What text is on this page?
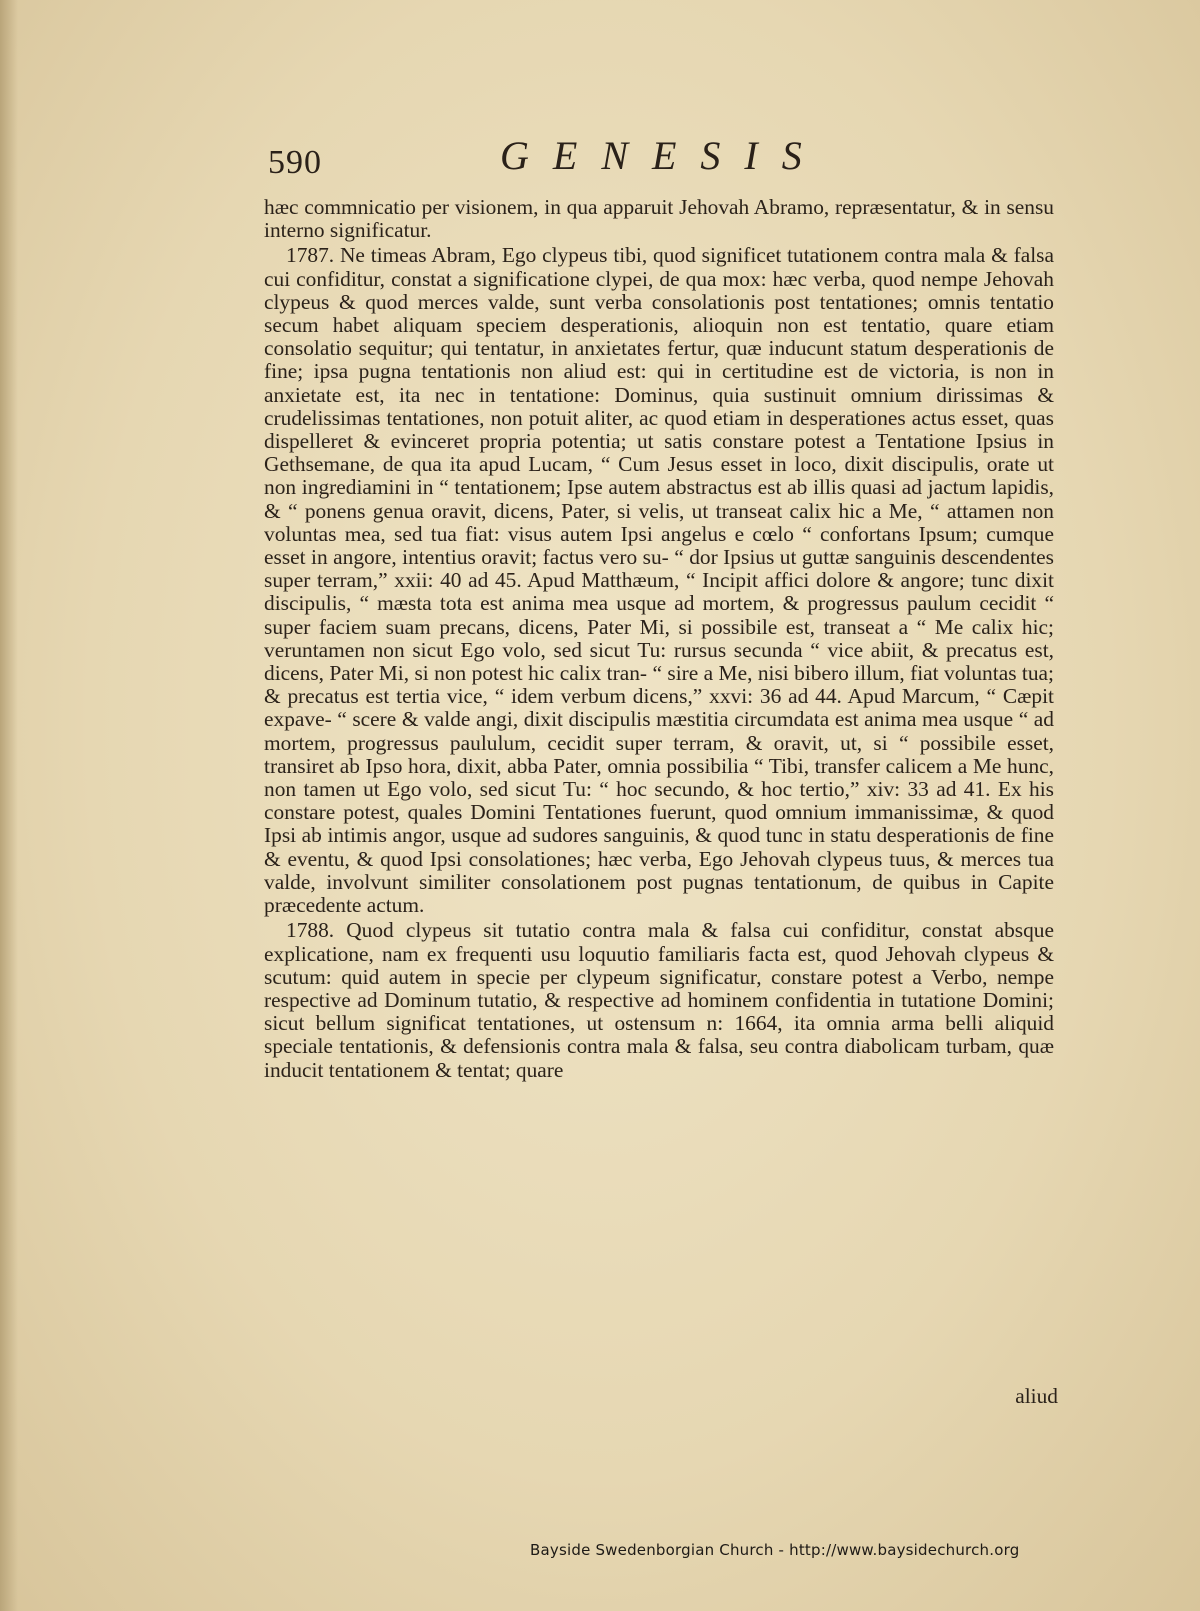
590	GENESIS

hæc commnicatio per visionem, in qua apparuit Jehovah Abramo, repræsentatur, & in sensu interno significatur.

1787. Ne timeas Abram, Ego clypeus tibi, quod significet tutationem contra mala & falsa cui confiditur, constat a significatione clypei, de qua mox: hæc verba, quod nempe Jehovah clypeus & quod merces valde, sunt verba consolationis post tentationes; omnis tentatio secum habet aliquam speciem desperationis, alioquin non est tentatio, quare etiam consolatio sequitur; qui tentatur, in anxietates fertur, quæ inducunt statum desperationis de fine; ipsa pugna tentationis non aliud est: qui in certitudine est de victoria, is non in anxietate est, ita nec in tentatione: Dominus, quia sustinuit omnium dirissimas & crudelissimas tentationes, non potuit aliter, ac quod etiam in desperationes actus esset, quas dispelleret & evinceret propria potentia; ut satis constare potest a Tentatione Ipsius in Gethsemane, de qua ita apud Lucam, “ Cum Jesus esset in loco, dixit discipulis, orate ut non ingrediamini in “ tentationem; Ipse autem abstractus est ab illis quasi ad jactum lapidis, & “ ponens genua oravit, dicens, Pater, si velis, ut transeat calix hic a Me, “ attamen non voluntas mea, sed tua fiat: visus autem Ipsi angelus e cœlo “ confortans Ipsum; cumque esset in angore, intentius oravit; factus vero su- “ dor Ipsius ut guttæ sanguinis descendentes super terram,” xxii: 40 ad 45. Apud Matthæum, “ Incipit affici dolore & angore; tunc dixit discipulis, “ mæsta tota est anima mea usque ad mortem, & progressus paulum cecidit “ super faciem suam precans, dicens, Pater Mi, si possibile est, transeat a “ Me calix hic; veruntamen non sicut Ego volo, sed sicut Tu: rursus secunda “ vice abiit, & precatus est, dicens, Pater Mi, si non potest hic calix tran- “ sire a Me, nisi bibero illum, fiat voluntas tua; & precatus est tertia vice, “ idem verbum dicens,” xxvi: 36 ad 44. Apud Marcum, “ Cæpit expave- “ scere & valde angi, dixit discipulis mæstitia circumdata est anima mea usque “ ad mortem, progressus paululum, cecidit super terram, & oravit, ut, si “ possibile esset, transiret ab Ipso hora, dixit, abba Pater, omnia possibilia “ Tibi, transfer calicem a Me hunc, non tamen ut Ego volo, sed sicut Tu: “ hoc secundo, & hoc tertio,” xiv: 33 ad 41. Ex his constare potest, quales Domini Tentationes fuerunt, quod omnium immanissimæ, & quod Ipsi ab intimis angor, usque ad sudores sanguinis, & quod tunc in statu desperationis de fine & eventu, & quod Ipsi consolationes; hæc verba, Ego Jehovah clypeus tuus, & merces tua valde, involvunt similiter consolationem post pugnas tentationum, de quibus in Capite præcedente actum.

1788. Quod clypeus sit tutatio contra mala & falsa cui confiditur, constat absque explicatione, nam ex frequenti usu loquutio familiaris facta est, quod Jehovah clypeus & scutum: quid autem in specie per clypeum significatur, constare potest a Verbo, nempe respective ad Dominum tutatio, & respective ad hominem confidentia in tutatione Domini; sicut bellum significat tentationes, ut ostensum n: 1664, ita omnia arma belli aliquid speciale tentationis, & defensionis contra mala & falsa, seu contra diabolicam turbam, quæ inducit tentationem & tentat; quare

aliud
Bayside Swedenborgian Church - http://www.baysidechurch.org
